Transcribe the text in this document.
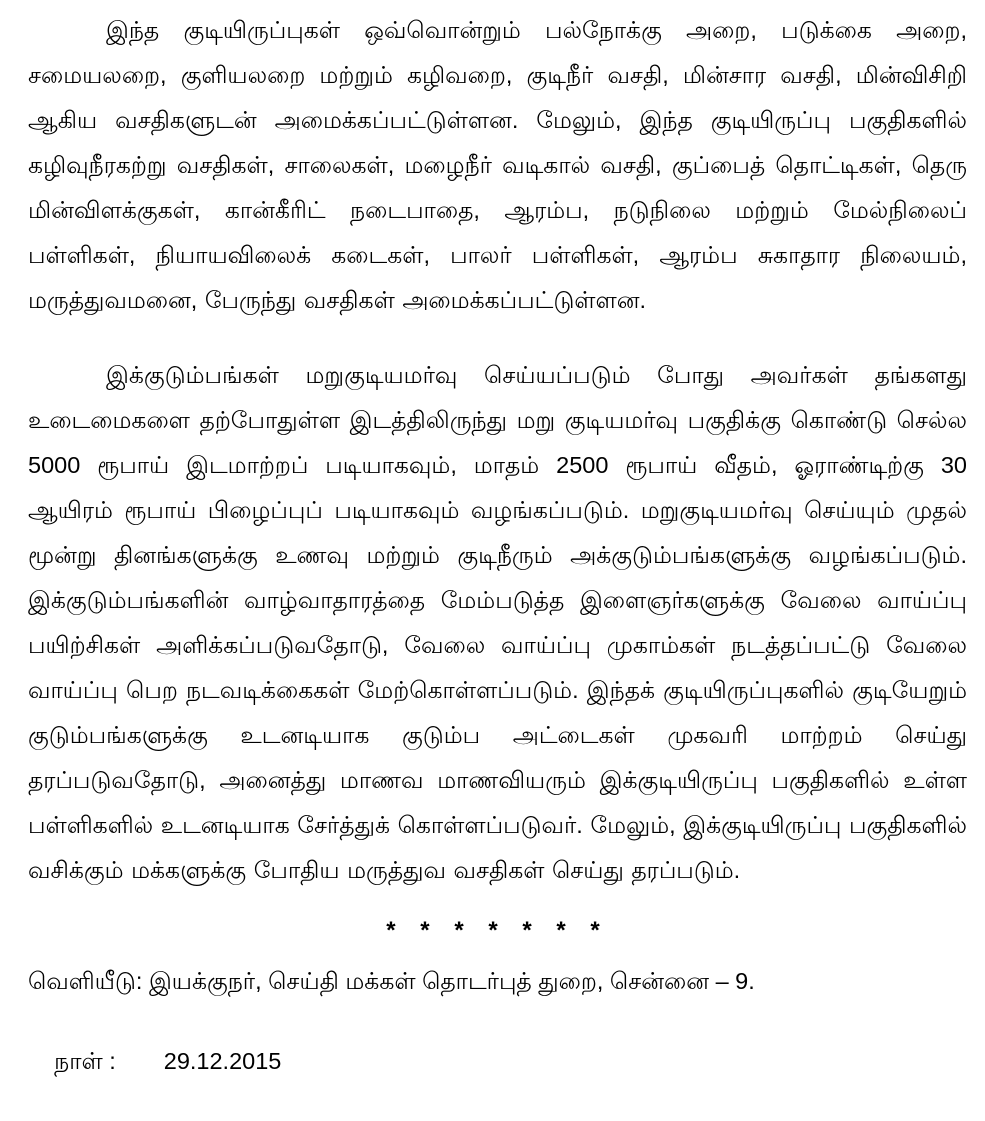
இந்த குடியிருப்புகள் ஒவ்வொன்றும் பல்நோக்கு அறை, படுக்கை அறை, சமையலறை, குளியலறை மற்றும் கழிவறை, குடிநீர் வசதி, மின்சார வசதி, மின்விசிறி ஆகிய வசதிகளுடன் அமைக்கப்பட்டுள்ளன. மேலும், இந்த குடியிருப்பு பகுதிகளில் கழிவுநீரகற்று வசதிகள், சாலைகள், மழைநீர் வடிகால் வசதி, குப்பைத் தொட்டிகள், தெரு மின்விளக்குகள், கான்கீரிட் நடைபாதை, ஆரம்ப, நடுநிலை மற்றும் மேல்நிலைப் பள்ளிகள், நியாயவிலைக் கடைகள், பாலர் பள்ளிகள், ஆரம்ப சுகாதார நிலையம், மருத்துவமனை, பேருந்து வசதிகள் அமைக்கப்பட்டுள்ளன.

இக்குடும்பங்கள் மறுகுடியமர்வு செய்யப்படும் போது அவர்கள் தங்களது உடைமைகளை தற்போதுள்ள இடத்திலிருந்து மறு குடியமர்வு பகுதிக்கு கொண்டு செல்ல 5000 ரூபாய் இடமாற்றப் படியாகவும், மாதம் 2500 ரூபாய் வீதம், ஓராண்டிற்கு 30 ஆயிரம் ரூபாய் பிழைப்புப் படியாகவும் வழங்கப்படும். மறுகுடியமர்வு செய்யும் முதல் மூன்று தினங்களுக்கு உணவு மற்றும் குடிநீரும் அக்குடும்பங்களுக்கு வழங்கப்படும். இக்குடும்பங்களின் வாழ்வாதாரத்தை மேம்படுத்த இளைஞர்களுக்கு வேலை வாய்ப்பு பயிற்சிகள் அளிக்கப்படுவதோடு, வேலை வாய்ப்பு முகாம்கள் நடத்தப்பட்டு வேலை வாய்ப்பு பெற நடவடிக்கைகள் மேற்கொள்ளப்படும். இந்தக் குடியிருப்புகளில் குடியேறும் குடும்பங்களுக்கு உடனடியாக குடும்ப அட்டைகள் முகவரி மாற்றம் செய்து தரப்படுவதோடு, அனைத்து மாணவ மாணவியரும் இக்குடியிருப்பு பகுதிகளில் உள்ள பள்ளிகளில் உடனடியாக சேர்த்துக் கொள்ளப்படுவர். மேலும், இக்குடியிருப்பு பகுதிகளில் வசிக்கும் மக்களுக்கு போதிய மருத்துவ வசதிகள் செய்து தரப்படும்.

* * * * * * *

வெளியீடு: இயக்குநர், செய்தி மக்கள் தொடர்புத் துறை, சென்னை – 9.

நாள் : 29.12.2015
